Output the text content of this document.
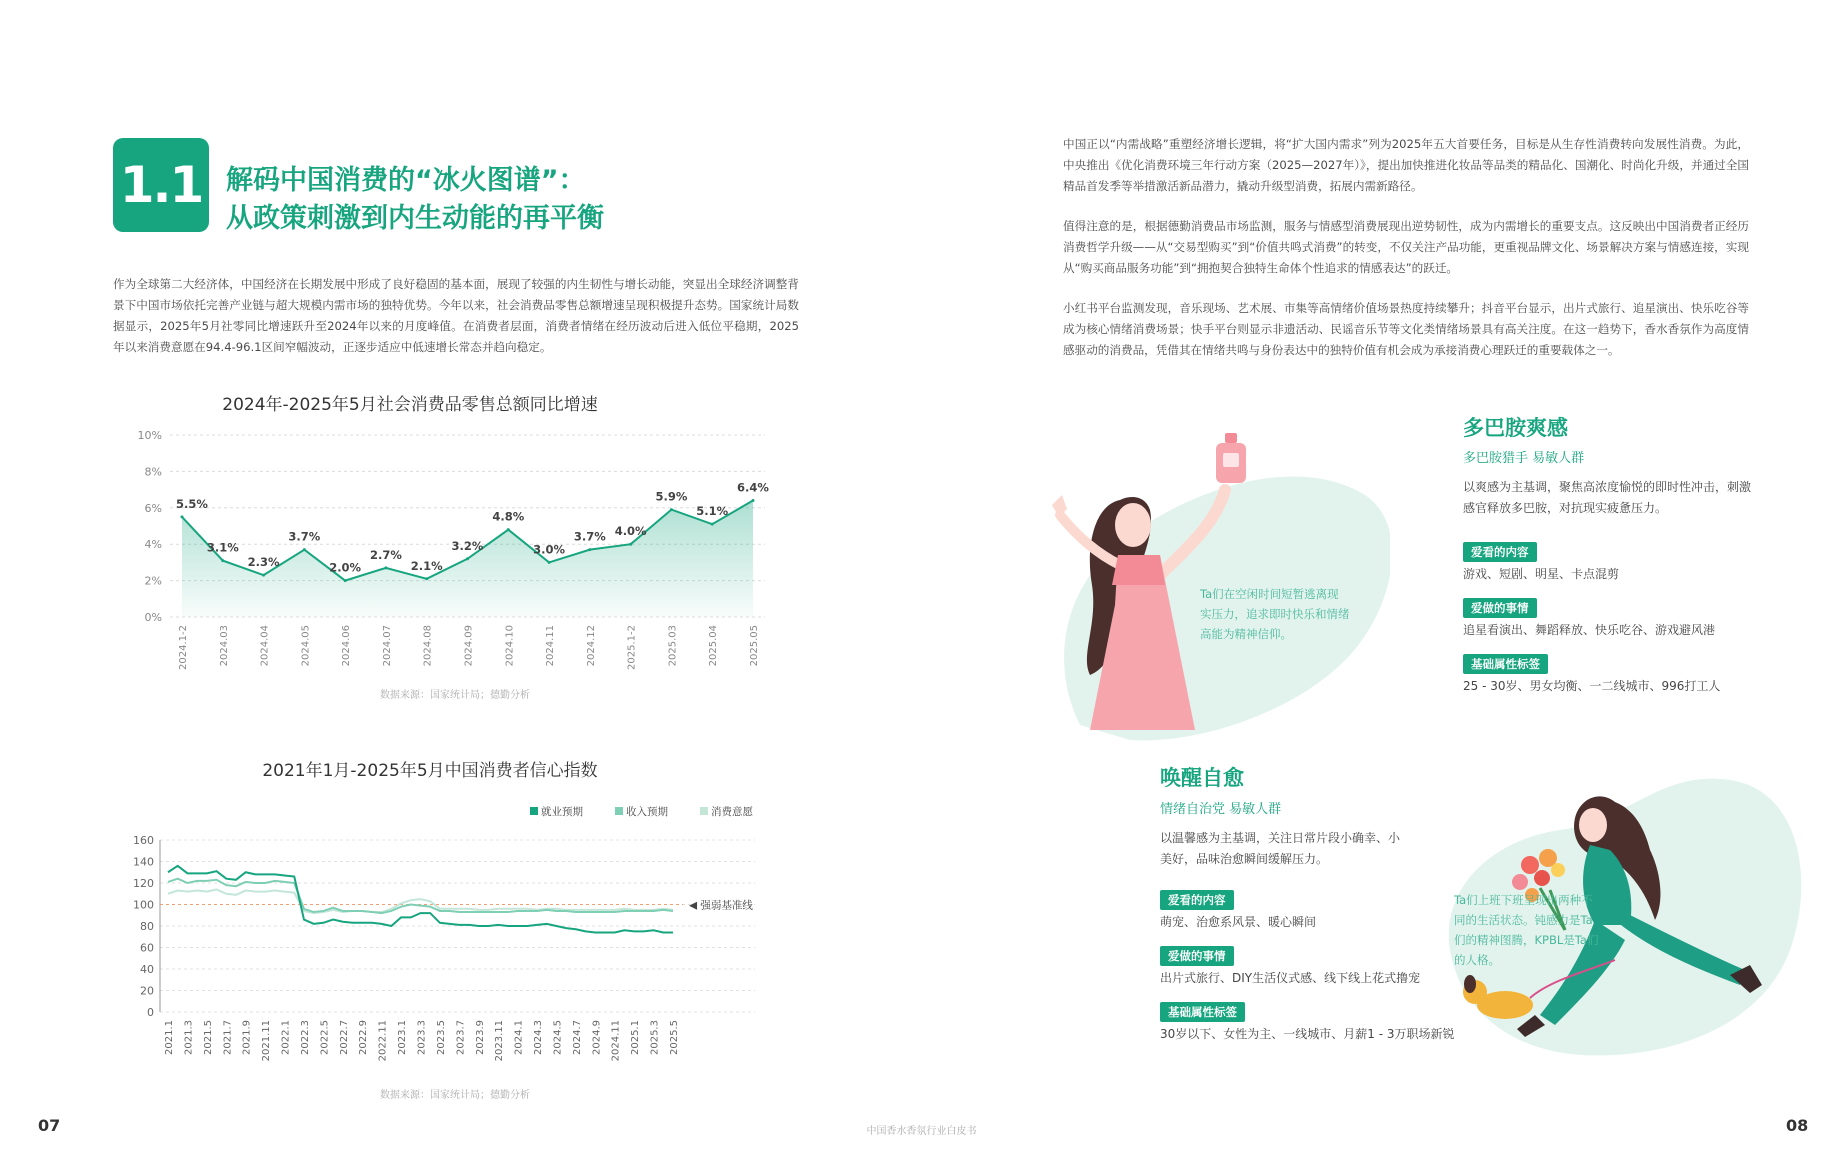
1.1 解码中国消费的“冰火图谱”：
从政策刺激到内生动能的再平衡
作为全球第二大经济体，中国经济在长期发展中形成了良好稳固的基本面，展现了较强的内生韧性与增长动能，突显出全球经济调整背景下中国市场依托完善产业链与超大规模内需市场的独特优势。今年以来，社会消费品零售总额增速呈现积极提升态势。国家统计局数据显示，2025年5月社零同比增速跃升至2024年以来的月度峰值。在消费者层面，消费者情绪在经历波动后进入低位平稳期，2025年以来消费意愿在94.4-96.1区间窄幅波动，正逐步适应中低速增长常态并趋向稳定。
2024年-2025年5月社会消费品零售总额同比增速
0%
2%
4%
6%
8%
10%
5.5%
2024.1-2
3.1%
2024.03
2.3%
2024.04
3.7%
2024.05
2.0%
2024.06
2.7%
2024.07
2.1%
2024.08
3.2%
2024.09
4.8%
2024.10
3.0%
2024.11
3.7%
2024.12
4.0%
2025.1-2
5.9%
2025.03
5.1%
2025.04
6.4%
2025.05
数据来源：国家统计局；德勤分析
2021年1月-2025年5月中国消费者信心指数
0
20
40
60
80
100
120
140
160
◀ 强弱基准线
就业预期	收入预期	消费意愿
2021.1 2021.3 2021.5 2021.7 2021.9 2021.11 2022.1 2022.3 2022.5 2022.7 2022.9 2022.11 2023.1 2023.3 2023.5 2023.7 2023.9 2023.11 2024.1 2024.3 2024.5 2024.7 2024.9 2024.11 2025.1 2025.3 2025.5
数据来源：国家统计局；德勤分析
中国正以“内需战略”重塑经济增长逻辑，将“扩大国内需求”列为2025年五大首要任务，目标是从生存性消费转向发展性消费。为此，中央推出《优化消费环境三年行动方案（2025—2027年）》，提出加快推进化妆品等品类的精品化、国潮化、时尚化升级，并通过全国精品首发季等举措激活新品潜力，撬动升级型消费，拓展内需新路径。
值得注意的是，根据德勤消费品市场监测，服务与情感型消费展现出逆势韧性，成为内需增长的重要支点。这反映出中国消费者正经历消费哲学升级——从“交易型购买”到“价值共鸣式消费”的转变，不仅关注产品功能，更重视品牌文化、场景解决方案与情感连接，实现从“购买商品服务功能”到“拥抱契合独特生命体个性追求的情感表达”的跃迁。
小红书平台监测发现，音乐现场、艺术展、市集等高情绪价值场景热度持续攀升；抖音平台显示，出片式旅行、追星演出、快乐吃谷等成为核心情绪消费场景；快手平台则显示非遗活动、民谣音乐节等文化类情绪场景具有高关注度。在这一趋势下，香水香氛作为高度情感驱动的消费品，凭借其在情绪共鸣与身份表达中的独特价值有机会成为承接消费心理跃迁的重要载体之一。
Ta们在空闲时间短暂逃离现实压力，追求即时快乐和情绪高能为精神信仰。
多巴胺爽感
多巴胺猎手 易敏人群
以爽感为主基调，聚焦高浓度愉悦的即时性冲击，刺激感官释放多巴胺，对抗现实疲惫压力。
爱看的内容
游戏、短剧、明星、卡点混剪
爱做的事情
追星看演出、舞蹈释放、快乐吃谷、游戏避风港
基础属性标签
25 - 30岁、男女均衡、一二线城市、996打工人
唤醒自愈
情绪自治党 易敏人群
以温馨感为主基调，关注日常片段小确幸、小美好，品味治愈瞬间缓解压力。
爱看的内容
萌宠、治愈系风景、暖心瞬间
爱做的事情
出片式旅行、DIY生活仪式感、线下线上花式撸宠
基础属性标签
30岁以下、女性为主、一线城市、月薪1 - 3万职场新锐
Ta们上班下班呈现出两种不同的生活状态。钝感力是Ta们的精神图腾，KPBL是Ta们的人格。
07	中国香水香氛行业白皮书	08
